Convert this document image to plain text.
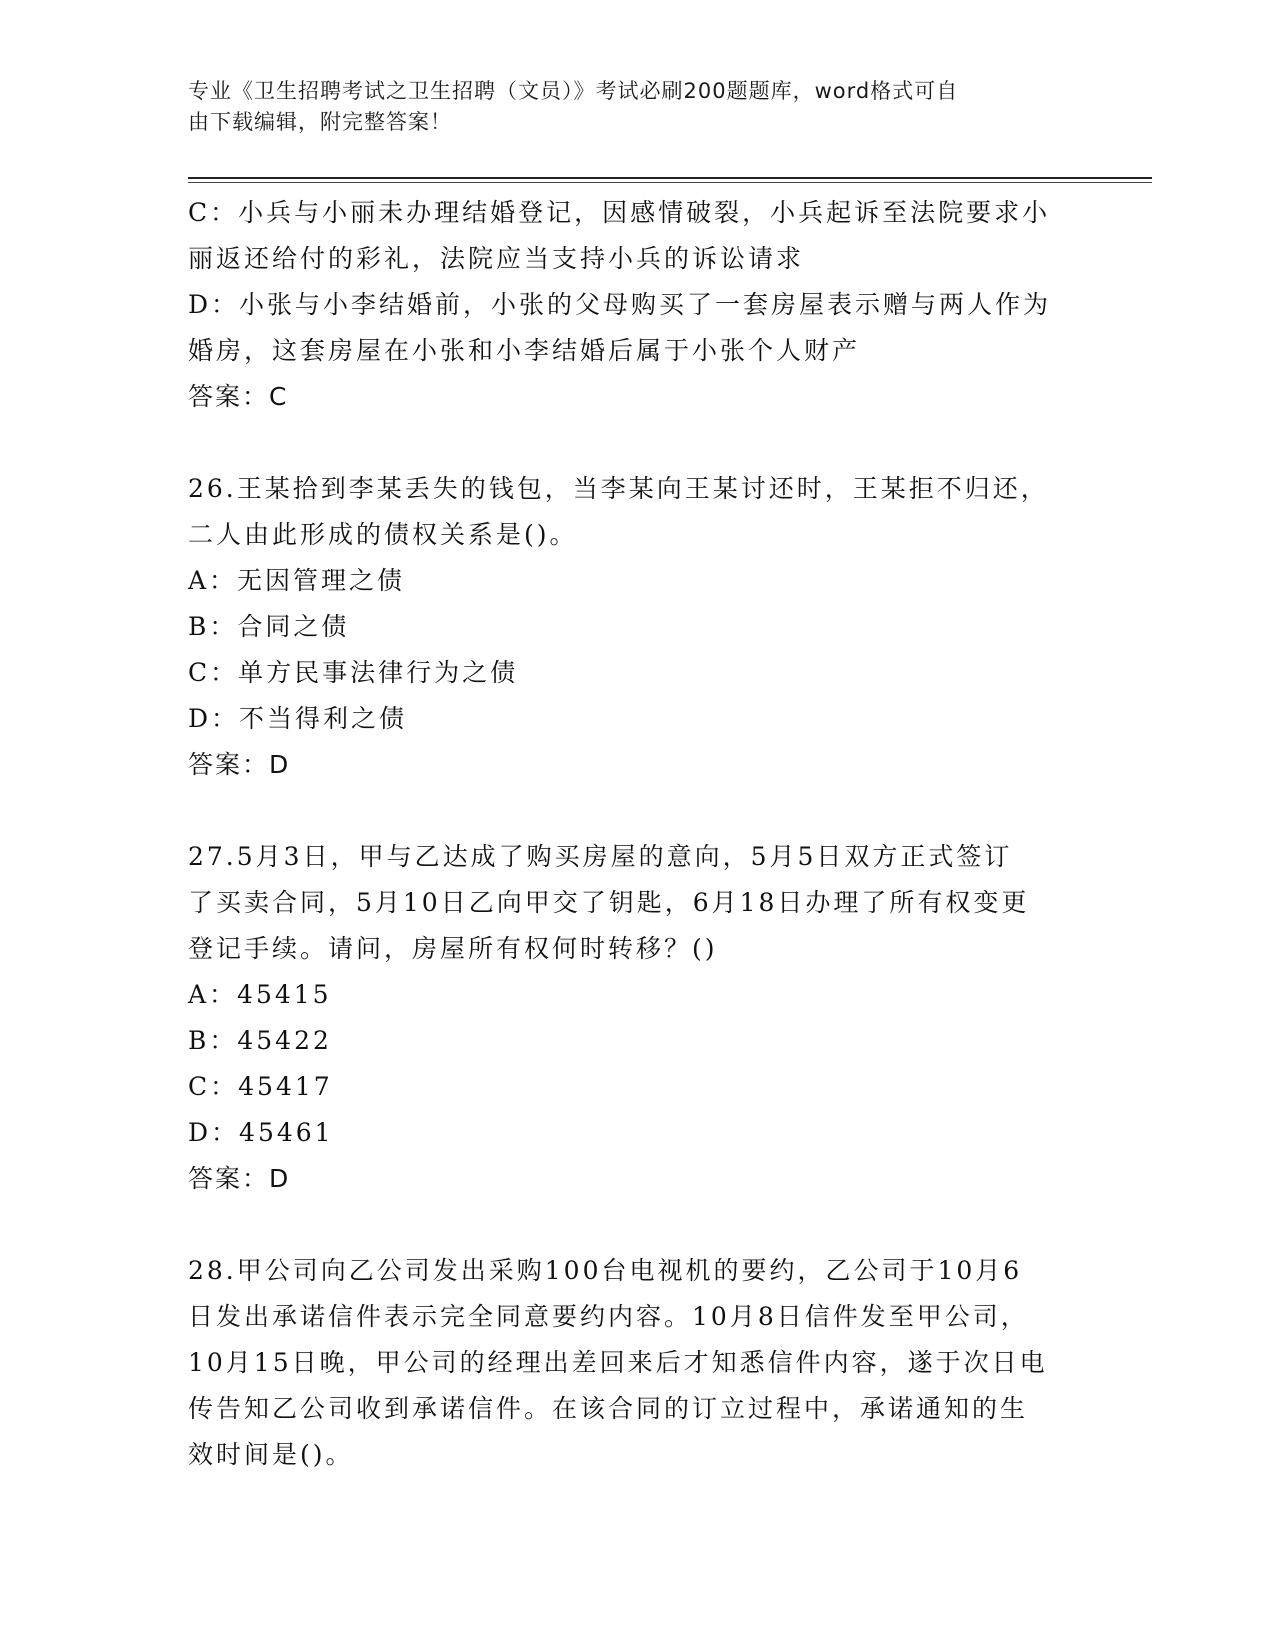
专业《卫生招聘考试之卫生招聘（文员）》考试必刷200题题库，word格式可自
由下载编辑，附完整答案！
C：小兵与小丽未办理结婚登记，因感情破裂，小兵起诉至法院要求小
丽返还给付的彩礼，法院应当支持小兵的诉讼请求
D：小张与小李结婚前，小张的父母购买了一套房屋表示赠与两人作为
婚房，这套房屋在小张和小李结婚后属于小张个人财产
答案：C
26.王某拾到李某丢失的钱包，当李某向王某讨还时，王某拒不归还，
二人由此形成的债权关系是()。
A：无因管理之债
B：合同之债
C：单方民事法律行为之债
D：不当得利之债
答案：D
27.5月3日，甲与乙达成了购买房屋的意向，5月5日双方正式签订
了买卖合同，5月10日乙向甲交了钥匙，6月18日办理了所有权变更
登记手续。请问，房屋所有权何时转移？()
A：45415
B：45422
C：45417
D：45461
答案：D
28.甲公司向乙公司发出采购100台电视机的要约，乙公司于10月6
日发出承诺信件表示完全同意要约内容。10月8日信件发至甲公司，
10月15日晚，甲公司的经理出差回来后才知悉信件内容，遂于次日电
传告知乙公司收到承诺信件。在该合同的订立过程中，承诺通知的生
效时间是()。
